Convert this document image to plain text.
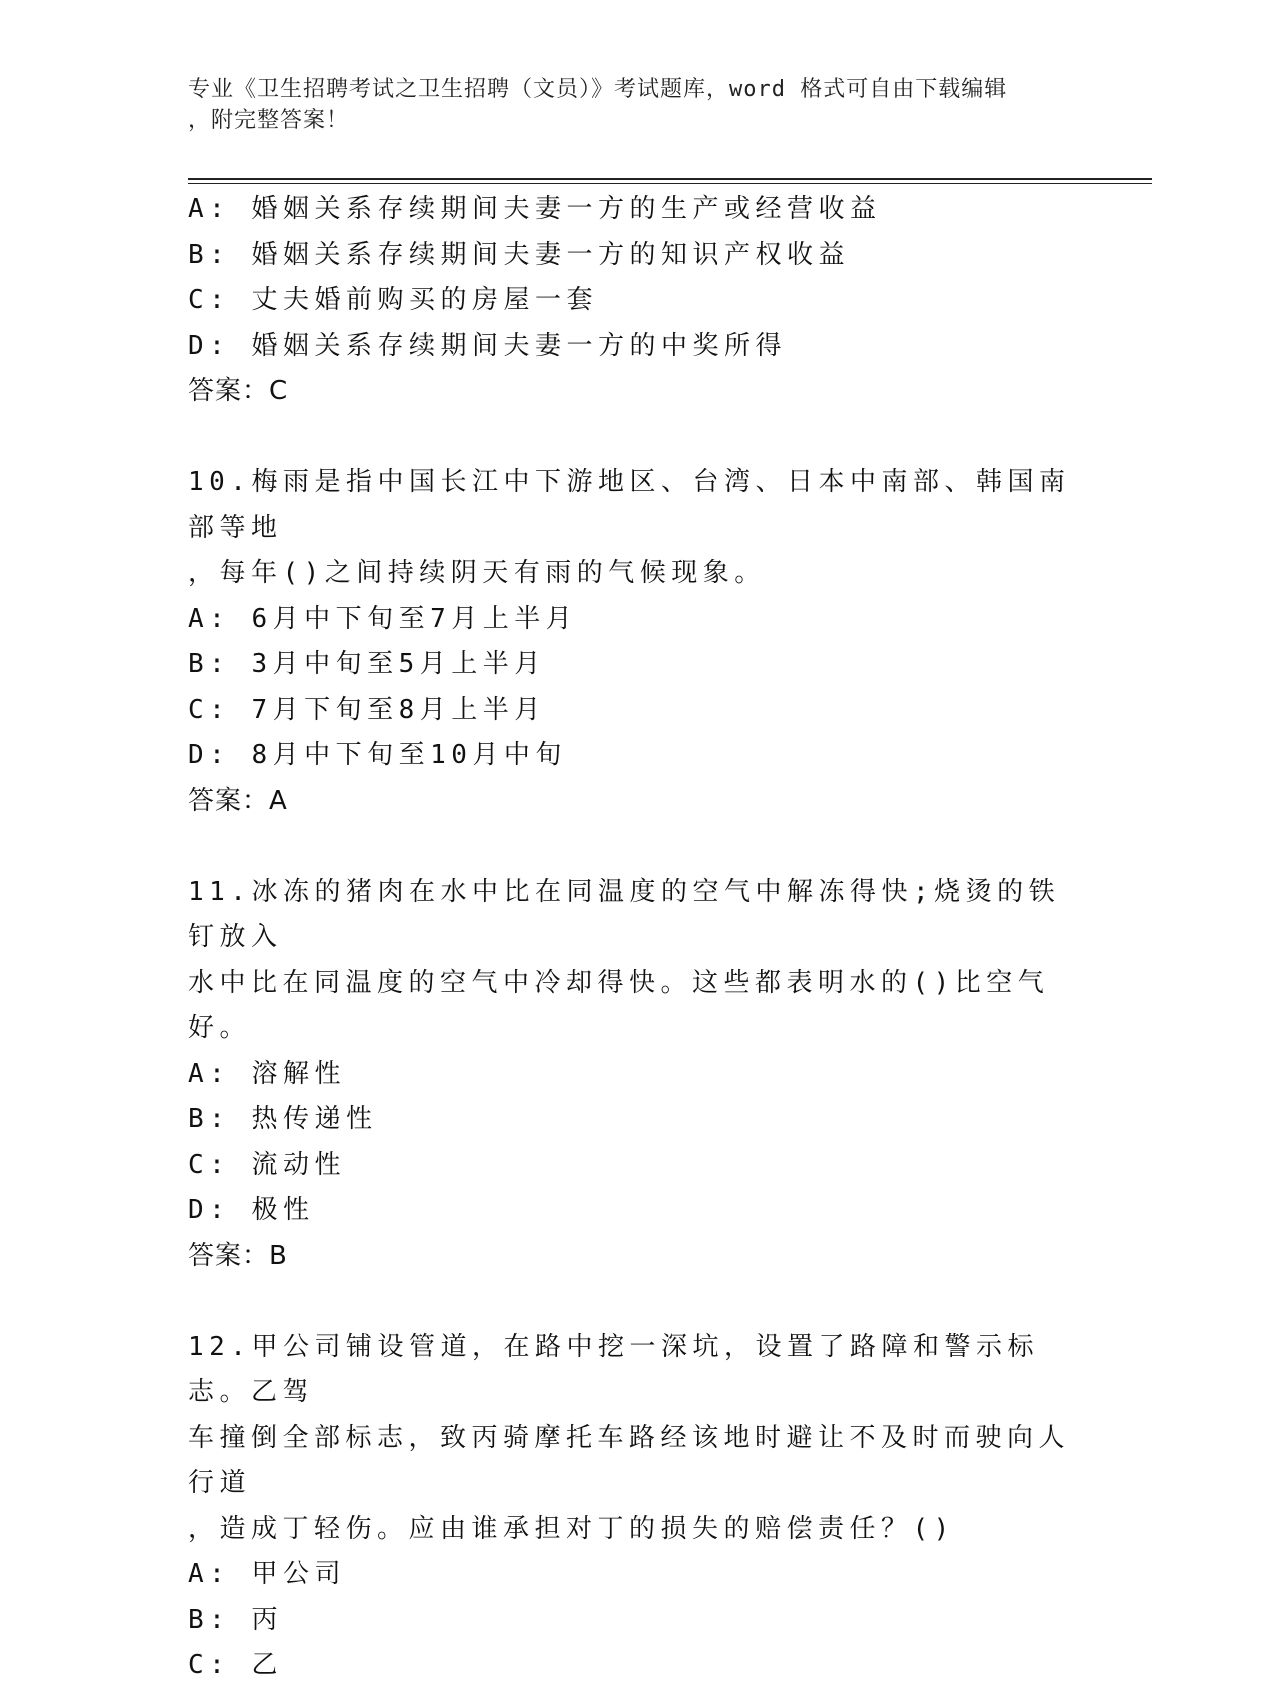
专业《卫生招聘考试之卫生招聘（文员）》考试题库，word 格式可自由下载编辑
，附完整答案！
A: 婚姻关系存续期间夫妻一方的生产或经营收益
B: 婚姻关系存续期间夫妻一方的知识产权收益
C: 丈夫婚前购买的房屋一套
D: 婚姻关系存续期间夫妻一方的中奖所得
答案：C
10.梅雨是指中国长江中下游地区、台湾、日本中南部、韩国南部等地
，每年()之间持续阴天有雨的气候现象。
A: 6月中下旬至7月上半月
B: 3月中旬至5月上半月
C: 7月下旬至8月上半月
D: 8月中下旬至10月中旬
答案：A
11.冰冻的猪肉在水中比在同温度的空气中解冻得快;烧烫的铁钉放入
水中比在同温度的空气中冷却得快。这些都表明水的()比空气好。
A: 溶解性
B: 热传递性
C: 流动性
D: 极性
答案：B
12.甲公司铺设管道，在路中挖一深坑，设置了路障和警示标志。乙驾
车撞倒全部标志，致丙骑摩托车路经该地时避让不及时而驶向人行道
，造成丁轻伤。应由谁承担对丁的损失的赔偿责任？()
A: 甲公司
B: 丙
C: 乙
